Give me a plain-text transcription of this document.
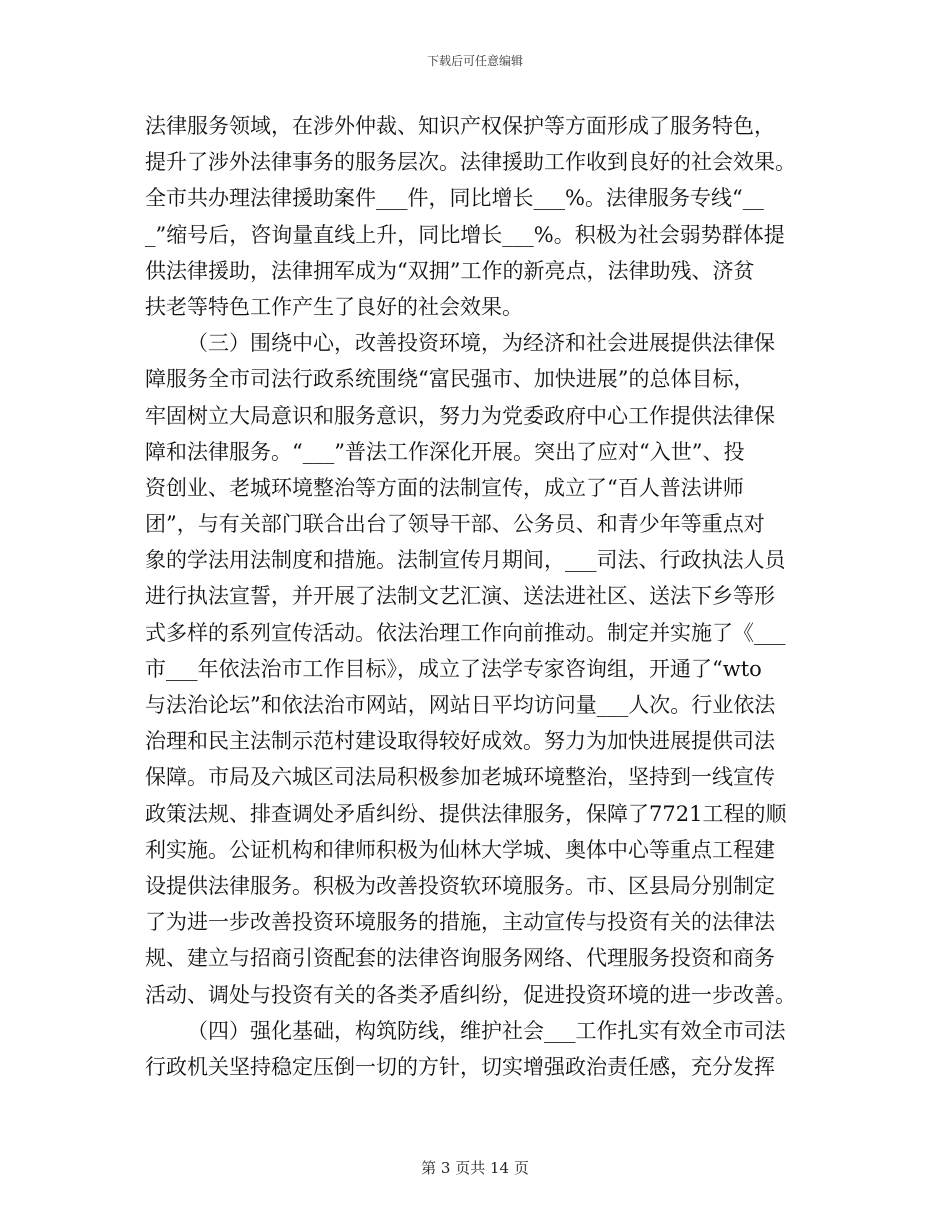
下载后可任意编辑
法律服务领域，在涉外仲裁、知识产权保护等方面形成了服务特色，
提升了涉外法律事务的服务层次。法律援助工作收到良好的社会效果。
全市共办理法律援助案件___件，同比增长___%。法律服务专线“__
_”缩号后，咨询量直线上升，同比增长___%。积极为社会弱势群体提
供法律援助，法律拥军成为“双拥”工作的新亮点，法律助残、济贫
扶老等特色工作产生了良好的社会效果。
（三）围绕中心，改善投资环境，为经济和社会进展提供法律保
障服务全市司法行政系统围绕“富民强市、加快进展”的总体目标，
牢固树立大局意识和服务意识，努力为党委政府中心工作提供法律保
障和法律服务。“___”普法工作深化开展。突出了应对“入世”、投
资创业、老城环境整治等方面的法制宣传，成立了“百人普法讲师
团”，与有关部门联合出台了领导干部、公务员、和青少年等重点对
象的学法用法制度和措施。法制宣传月期间，___司法、行政执法人员
进行执法宣誓，并开展了法制文艺汇演、送法进社区、送法下乡等形
式多样的系列宣传活动。依法治理工作向前推动。制定并实施了《___
市___年依法治市工作目标》，成立了法学专家咨询组，开通了“wto
与法治论坛”和依法治市网站，网站日平均访问量___人次。行业依法
治理和民主法制示范村建设取得较好成效。努力为加快进展提供司法
保障。市局及六城区司法局积极参加老城环境整治，坚持到一线宣传
政策法规、排查调处矛盾纠纷、提供法律服务，保障了7721工程的顺
利实施。公证机构和律师积极为仙林大学城、奥体中心等重点工程建
设提供法律服务。积极为改善投资软环境服务。市、区县局分别制定
了为进一步改善投资环境服务的措施，主动宣传与投资有关的法律法
规、建立与招商引资配套的法律咨询服务网络、代理服务投资和商务
活动、调处与投资有关的各类矛盾纠纷，促进投资环境的进一步改善。
（四）强化基础，构筑防线，维护社会___工作扎实有效全市司法
行政机关坚持稳定压倒一切的方针，切实增强政治责任感，充分发挥
第 3 页共 14 页
